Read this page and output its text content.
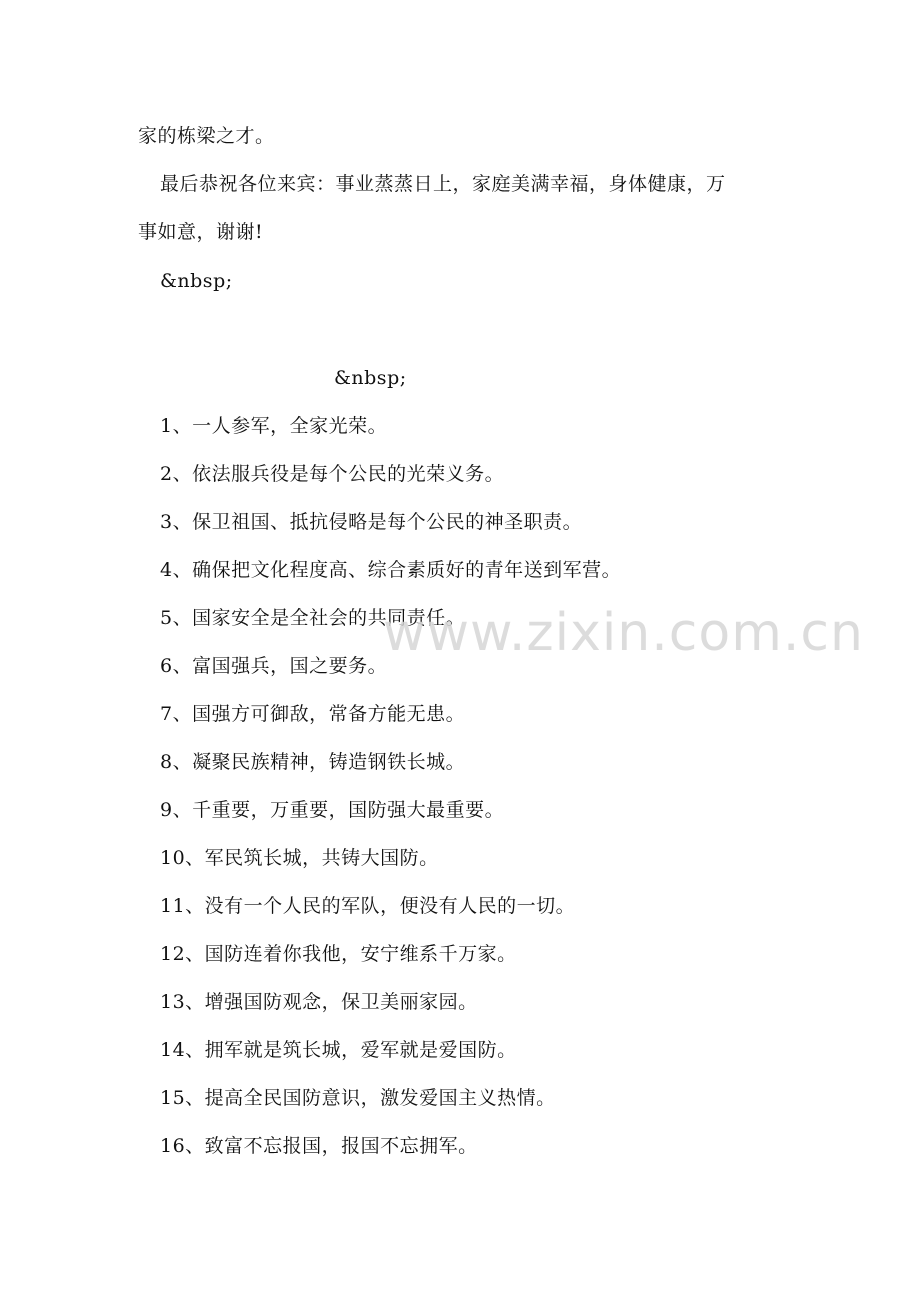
家的栋梁之才。
最后恭祝各位来宾：事业蒸蒸日上，家庭美满幸福，身体健康，万
事如意，谢谢!
&nbsp;
&nbsp;
1、一人参军，全家光荣。
2、依法服兵役是每个公民的光荣义务。
3、保卫祖国、抵抗侵略是每个公民的神圣职责。
4、确保把文化程度高、综合素质好的青年送到军营。
5、国家安全是全社会的共同责任。
6、富国强兵，国之要务。
7、国强方可御敌，常备方能无患。
8、凝聚民族精神，铸造钢铁长城。
9、千重要，万重要，国防强大最重要。
10、军民筑长城，共铸大国防。
11、没有一个人民的军队，便没有人民的一切。
12、国防连着你我他，安宁维系千万家。
13、增强国防观念，保卫美丽家园。
14、拥军就是筑长城，爱军就是爱国防。
15、提高全民国防意识，激发爱国主义热情。
16、致富不忘报国，报国不忘拥军。
www.zixin.com.cn
